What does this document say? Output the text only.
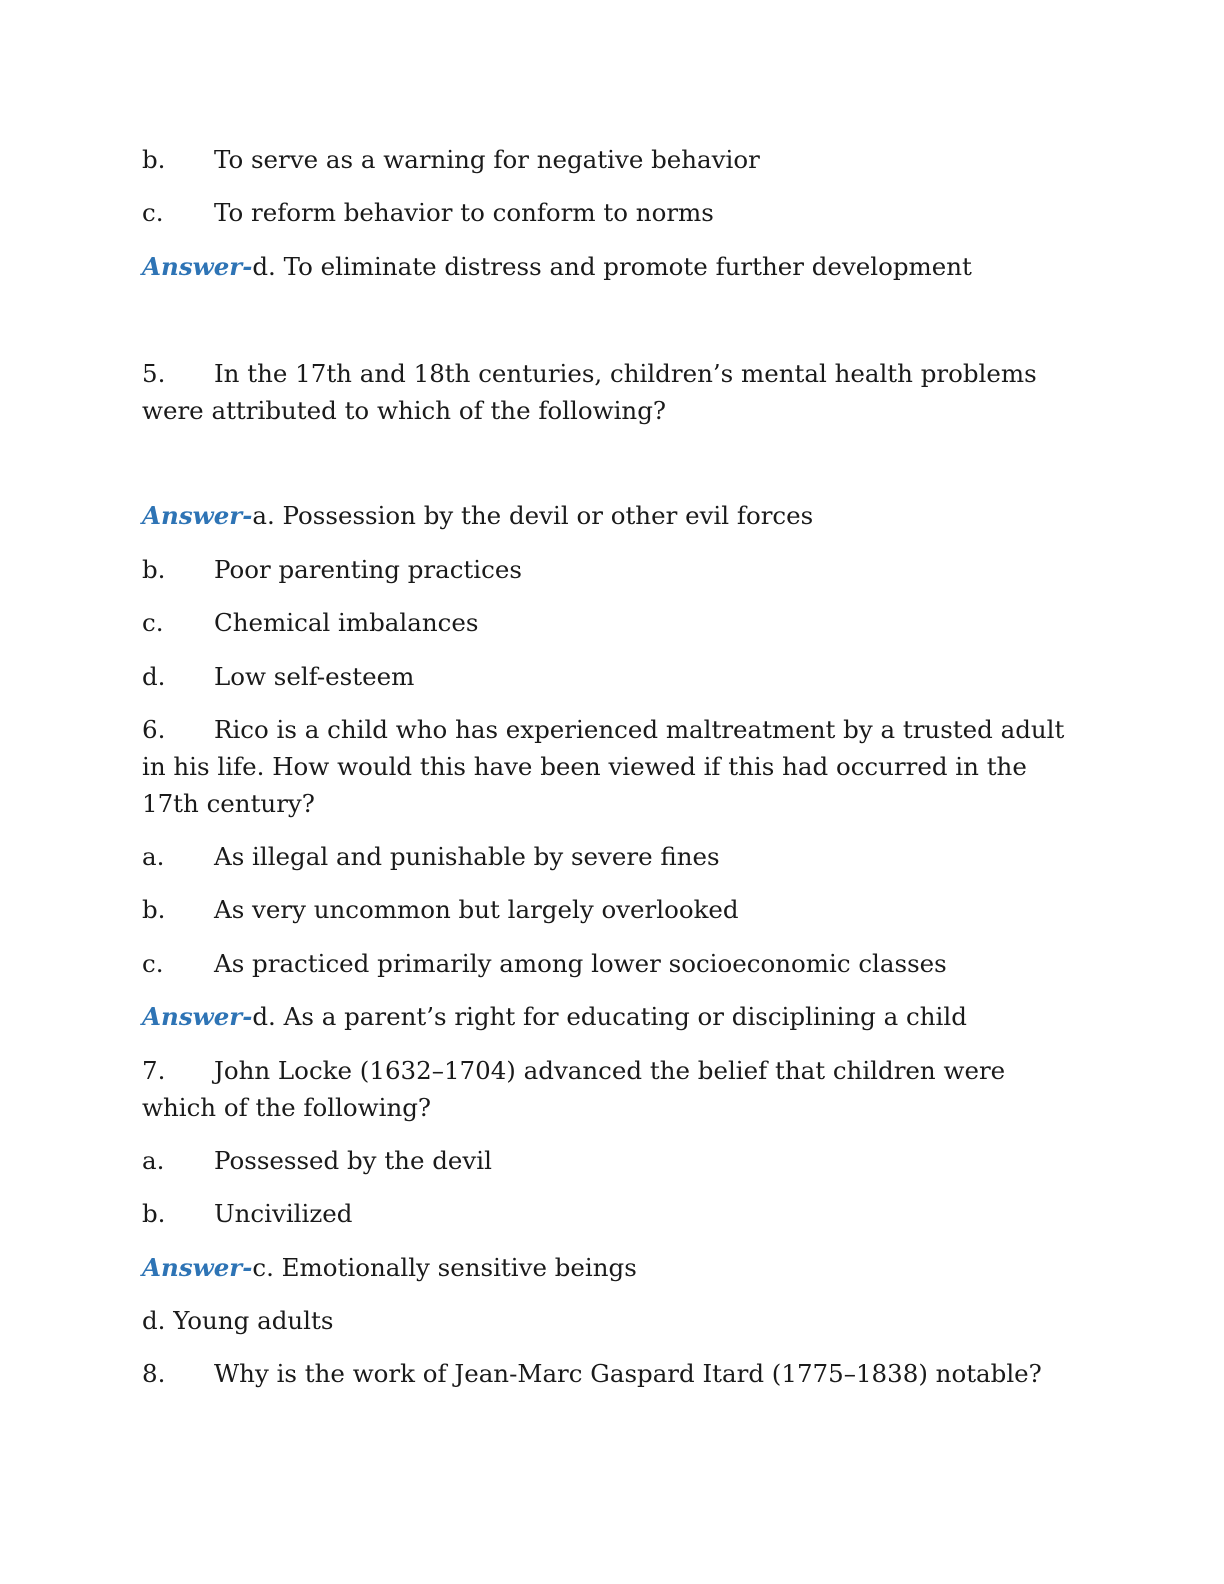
b. To serve as a warning for negative behavior
c. To reform behavior to conform to norms
Answer-d. To eliminate distress and promote further development
5. In the 17th and 18th centuries, children’s mental health problems were attributed to which of the following?
Answer-a. Possession by the devil or other evil forces
b. Poor parenting practices
c. Chemical imbalances
d. Low self-esteem
6. Rico is a child who has experienced maltreatment by a trusted adult in his life. How would this have been viewed if this had occurred in the 17th century?
a. As illegal and punishable by severe fines
b. As very uncommon but largely overlooked
c. As practiced primarily among lower socioeconomic classes
Answer-d. As a parent’s right for educating or disciplining a child
7. John Locke (1632–1704) advanced the belief that children were which of the following?
a. Possessed by the devil
b. Uncivilized
Answer-c. Emotionally sensitive beings
d. Young adults
8. Why is the work of Jean-Marc Gaspard Itard (1775–1838) notable?
